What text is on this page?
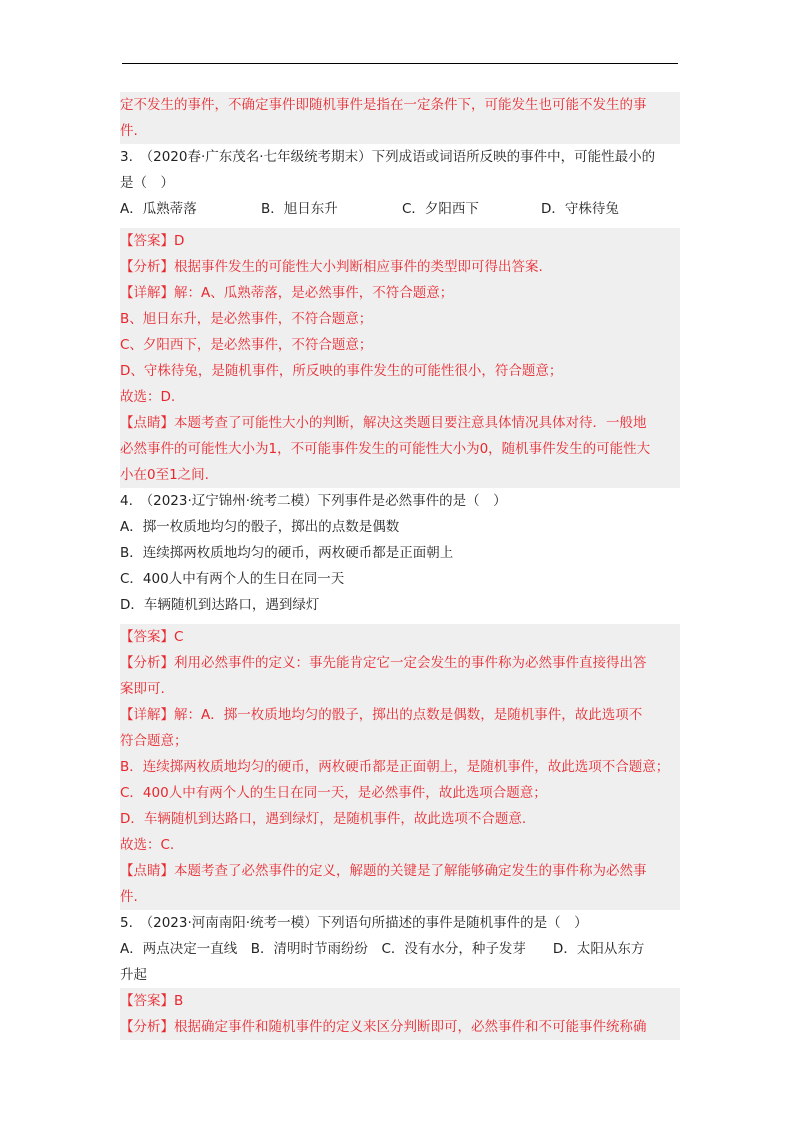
定不发生的事件，不确定事件即随机事件是指在一定条件下，可能发生也可能不发生的事
件.
3.　（2020春·广东茂名·七年级统考期末）下列成语或词语所反映的事件中，可能性最小的
是（　）
A．瓜熟蒂落	B．旭日东升	C．夕阳西下	D．守株待兔
【答案】D
【分析】根据事件发生的可能性大小判断相应事件的类型即可得出答案.
【详解】解：A、瓜熟蒂落，是必然事件，不符合题意；
B、旭日东升，是必然事件，不符合题意；
C、夕阳西下，是必然事件，不符合题意；
D、守株待兔，是随机事件，所反映的事件发生的可能性很小，符合题意；
故选：D.
【点睛】本题考查了可能性大小的判断，解决这类题目要注意具体情况具体对待．一般地
必然事件的可能性大小为1，不可能事件发生的可能性大小为0，随机事件发生的可能性大
小在0至1之间.
4.　（2023·辽宁锦州·统考二模）下列事件是必然事件的是（　）
A．掷一枚质地均匀的骰子，掷出的点数是偶数
B．连续掷两枚质地均匀的硬币，两枚硬币都是正面朝上
C．400人中有两个人的生日在同一天
D．车辆随机到达路口，遇到绿灯
【答案】C
【分析】利用必然事件的定义：事先能肯定它一定会发生的事件称为必然事件直接得出答
案即可.
【详解】解：A．掷一枚质地均匀的骰子，掷出的点数是偶数，是随机事件，故此选项不
符合题意；
B．连续掷两枚质地均匀的硬币，两枚硬币都是正面朝上，是随机事件，故此选项不合题意；
C．400人中有两个人的生日在同一天，是必然事件，故此选项合题意；
D．车辆随机到达路口，遇到绿灯，是随机事件，故此选项不合题意.
故选：C.
【点睛】本题考查了必然事件的定义，解题的关键是了解能够确定发生的事件称为必然事
件.
5.　（2023·河南南阳·统考一模）下列语句所描述的事件是随机事件的是（　）
A．两点决定一直线　B．清明时节雨纷纷　C．没有水分，种子发芽　　D．太阳从东方
升起
【答案】B
【分析】根据确定事件和随机事件的定义来区分判断即可，必然事件和不可能事件统称确
